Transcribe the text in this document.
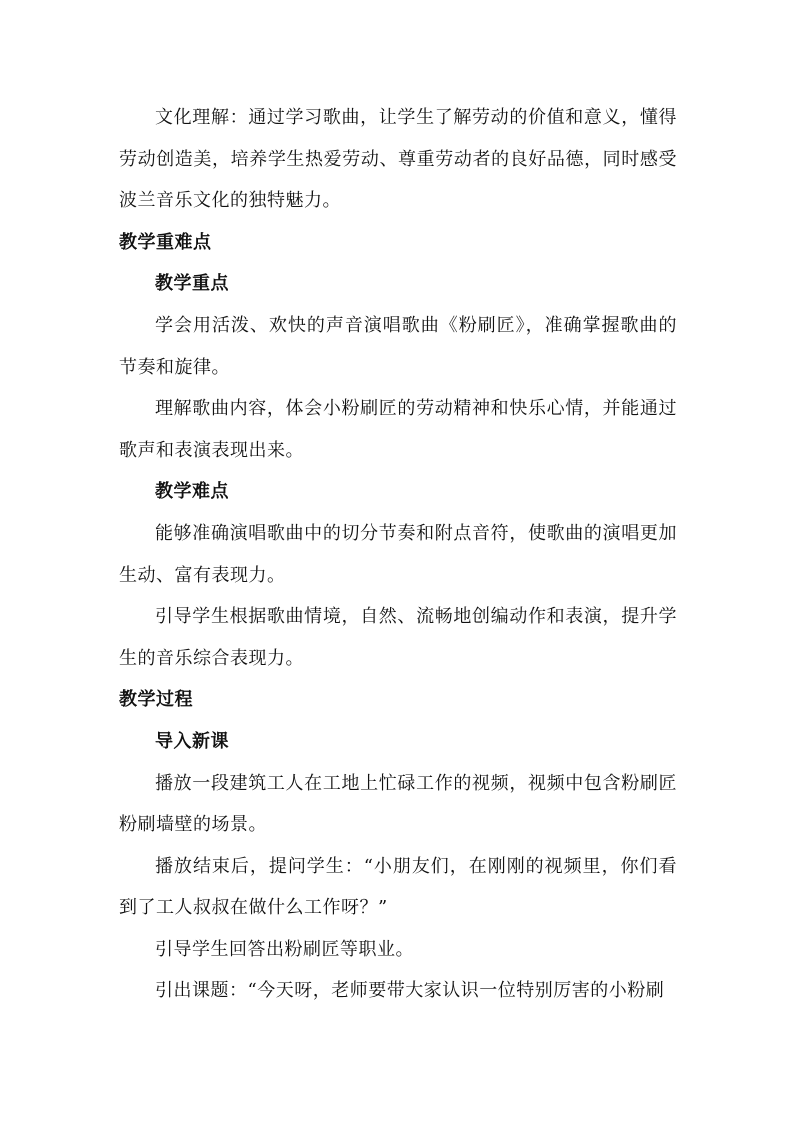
文化理解：通过学习歌曲，让学生了解劳动的价值和意义，懂得劳动创造美，培养学生热爱劳动、尊重劳动者的良好品德，同时感受波兰音乐文化的独特魅力。

教学重难点

教学重点

学会用活泼、欢快的声音演唱歌曲《粉刷匠》，准确掌握歌曲的节奏和旋律。

理解歌曲内容，体会小粉刷匠的劳动精神和快乐心情，并能通过歌声和表演表现出来。

教学难点

能够准确演唱歌曲中的切分节奏和附点音符，使歌曲的演唱更加生动、富有表现力。

引导学生根据歌曲情境，自然、流畅地创编动作和表演，提升学生的音乐综合表现力。

教学过程

导入新课

播放一段建筑工人在工地上忙碌工作的视频，视频中包含粉刷匠粉刷墙壁的场景。

播放结束后，提问学生：“小朋友们，在刚刚的视频里，你们看到了工人叔叔在做什么工作呀？”

引导学生回答出粉刷匠等职业。

引出课题：“今天呀，老师要带大家认识一位特别厉害的小粉刷
